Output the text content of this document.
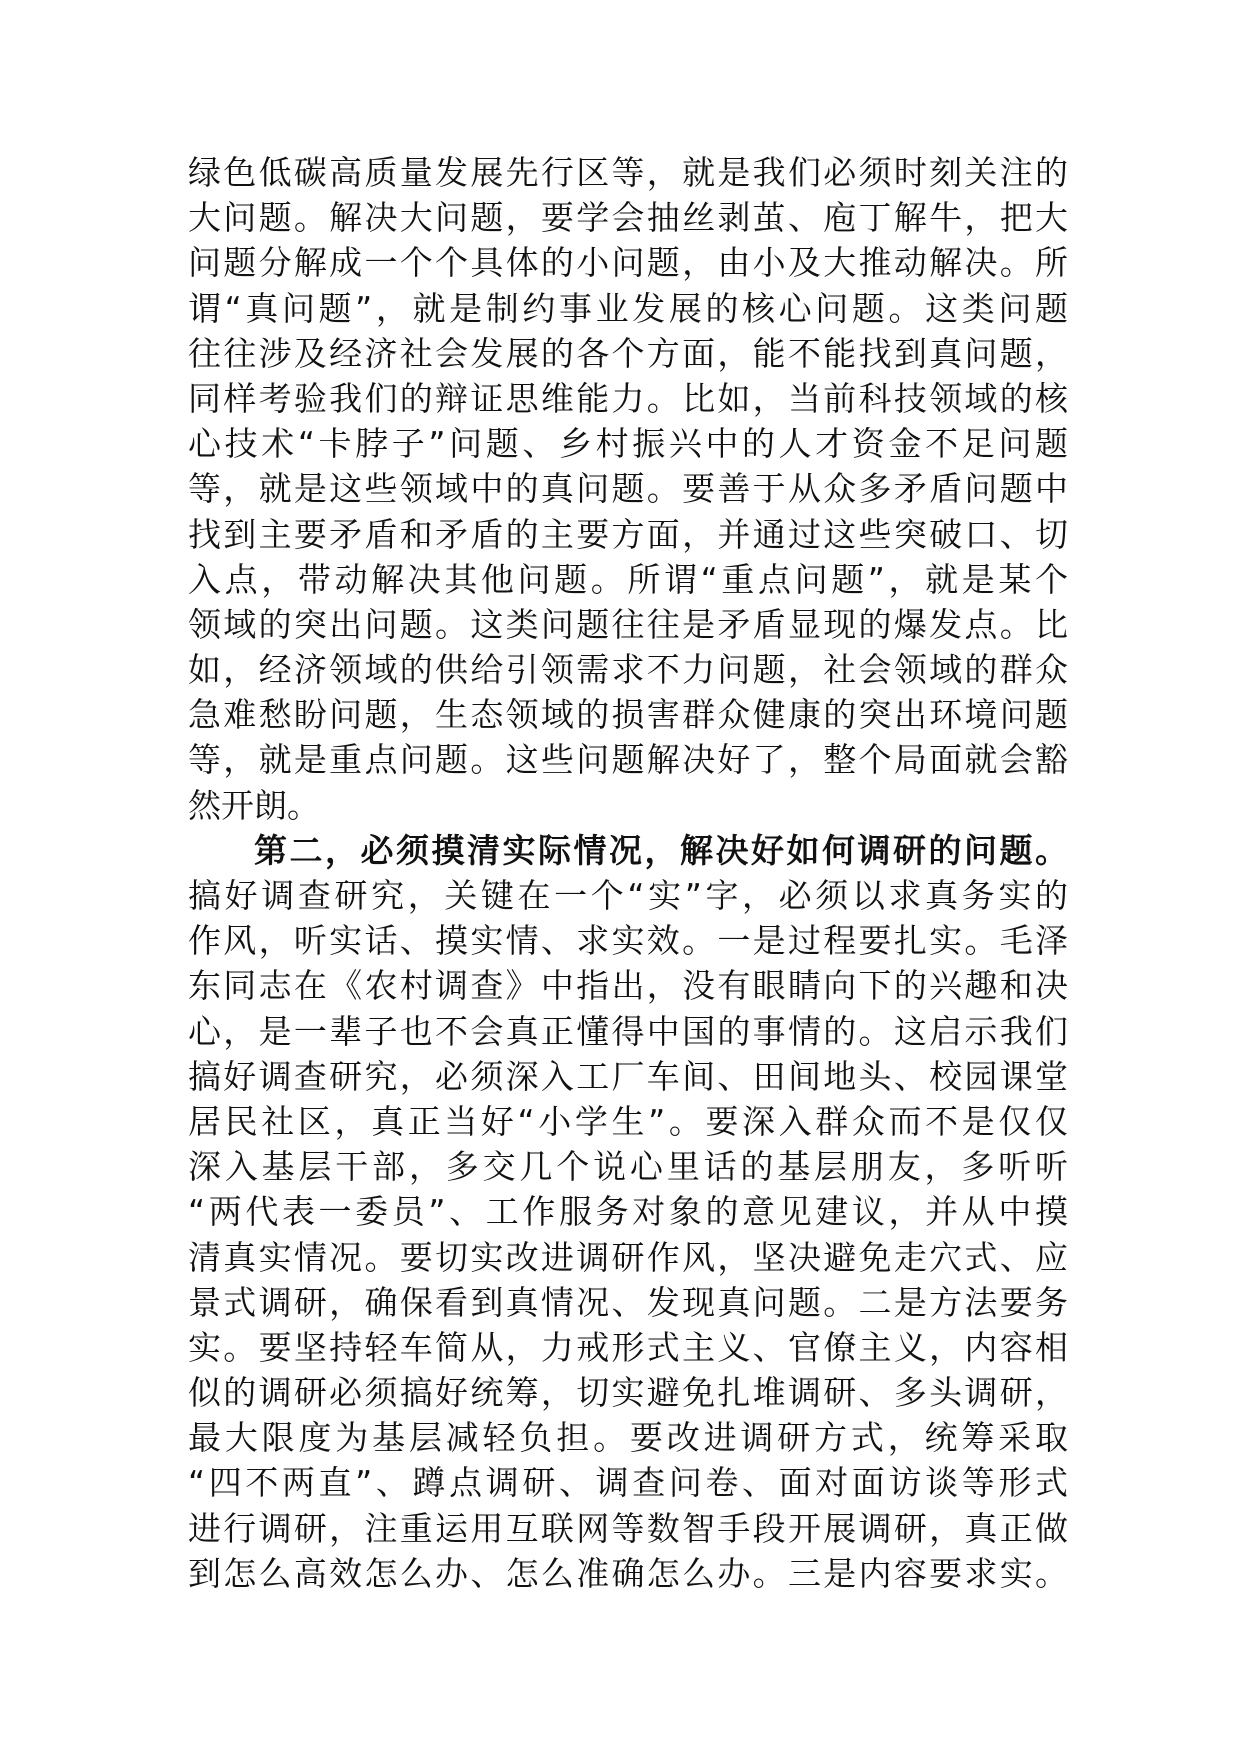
绿色低碳高质量发展先行区等，就是我们必须时刻关注的
大问题。解决大问题，要学会抽丝剥茧、庖丁解牛，把大
问题分解成一个个具体的小问题，由小及大推动解决。所
谓“真问题”，就是制约事业发展的核心问题。这类问题
往往涉及经济社会发展的各个方面，能不能找到真问题，
同样考验我们的辩证思维能力。比如，当前科技领域的核
心技术“卡脖子”问题、乡村振兴中的人才资金不足问题
等，就是这些领域中的真问题。要善于从众多矛盾问题中
找到主要矛盾和矛盾的主要方面，并通过这些突破口、切
入点，带动解决其他问题。所谓“重点问题”，就是某个
领域的突出问题。这类问题往往是矛盾显现的爆发点。比
如，经济领域的供给引领需求不力问题，社会领域的群众
急难愁盼问题，生态领域的损害群众健康的突出环境问题
等，就是重点问题。这些问题解决好了，整个局面就会豁
然开朗。
第二，必须摸清实际情况，解决好如何调研的问题。
搞好调查研究，关键在一个“实”字，必须以求真务实的
作风，听实话、摸实情、求实效。一是过程要扎实。毛泽
东同志在《农村调查》中指出，没有眼睛向下的兴趣和决
心，是一辈子也不会真正懂得中国的事情的。这启示我们
搞好调查研究，必须深入工厂车间、田间地头、校园课堂
居民社区，真正当好“小学生”。要深入群众而不是仅仅
深入基层干部，多交几个说心里话的基层朋友，多听听
“两代表一委员”、工作服务对象的意见建议，并从中摸
清真实情况。要切实改进调研作风，坚决避免走穴式、应
景式调研，确保看到真情况、发现真问题。二是方法要务
实。要坚持轻车简从，力戒形式主义、官僚主义，内容相
似的调研必须搞好统筹，切实避免扎堆调研、多头调研，
最大限度为基层减轻负担。要改进调研方式，统筹采取
“四不两直”、蹲点调研、调查问卷、面对面访谈等形式
进行调研，注重运用互联网等数智手段开展调研，真正做
到怎么高效怎么办、怎么准确怎么办。三是内容要求实。
